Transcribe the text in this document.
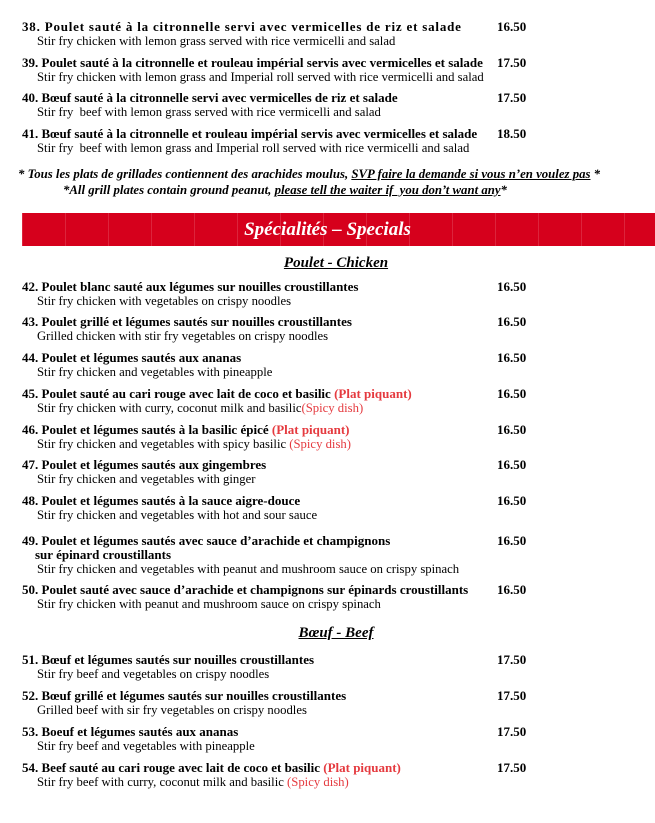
38. Poulet sauté à la citronnelle servi avec vermicelles de riz et salade	16.50
Stir fry chicken with lemon grass served with rice vermicelli and salad
39. Poulet sauté à la citronnelle et rouleau impérial servis avec vermicelles et salade 17.50
Stir fry chicken with lemon grass and Imperial roll served with rice vermicelli and salad
40. Bœuf sauté à la citronnelle servi avec vermicelles de riz et salade	17.50
Stir fry  beef with lemon grass served with rice vermicelli and salad
41. Bœuf sauté à la citronnelle et rouleau impérial servis avec vermicelles et salade 18.50
Stir fry  beef with lemon grass and Imperial roll served with rice vermicelli and salad
* Tous les plats de grillades contiennent des arachides moulus, SVP faire la demande si vous n’en voulez pas *
*All grill plates contain ground peanut, please tell the waiter if  you don’t want any*
Spécialités – Specials
Poulet - Chicken
42. Poulet blanc sauté aux légumes sur nouilles croustillantes	16.50
Stir fry chicken with vegetables on crispy noodles
43. Poulet grillé et légumes sautés sur nouilles croustillantes	16.50
Grilled chicken with stir fry vegetables on crispy noodles
44. Poulet et légumes sautés aux ananas	16.50
Stir fry chicken and vegetables with pineapple
45. Poulet sauté au cari rouge avec lait de coco et basilic (Plat piquant)	16.50
Stir fry chicken with curry, coconut milk and basilic(Spicy dish)
46. Poulet et légumes sautés à la basilic épicé (Plat piquant)	16.50
Stir fry chicken and vegetables with spicy basilic (Spicy dish)
47. Poulet et légumes sautés aux gingembres	16.50
Stir fry chicken and vegetables with ginger
48. Poulet et légumes sautés à la sauce aigre-douce	16.50
Stir fry chicken and vegetables with hot and sour sauce
49. Poulet et légumes sautés avec sauce d’arachide et champignons	16.50
sur épinard croustillants
Stir fry chicken and vegetables with peanut and mushroom sauce on crispy spinach
50. Poulet sauté avec sauce d’arachide et champignons sur épinards croustillants 16.50
Stir fry chicken with peanut and mushroom sauce on crispy spinach
Bœuf - Beef
51. Bœuf et légumes sautés sur nouilles croustillantes	17.50
Stir fry beef and vegetables on crispy noodles
52. Bœuf grillé et légumes sautés sur nouilles croustillantes	17.50
Grilled beef with sir fry vegetables on crispy noodles
53. Boeuf et légumes sautés aux ananas	17.50
Stir fry beef and vegetables with pineapple
54. Beef sauté au cari rouge avec lait de coco et basilic (Plat piquant)	17.50
Stir fry beef with curry, coconut milk and basilic (Spicy dish)
